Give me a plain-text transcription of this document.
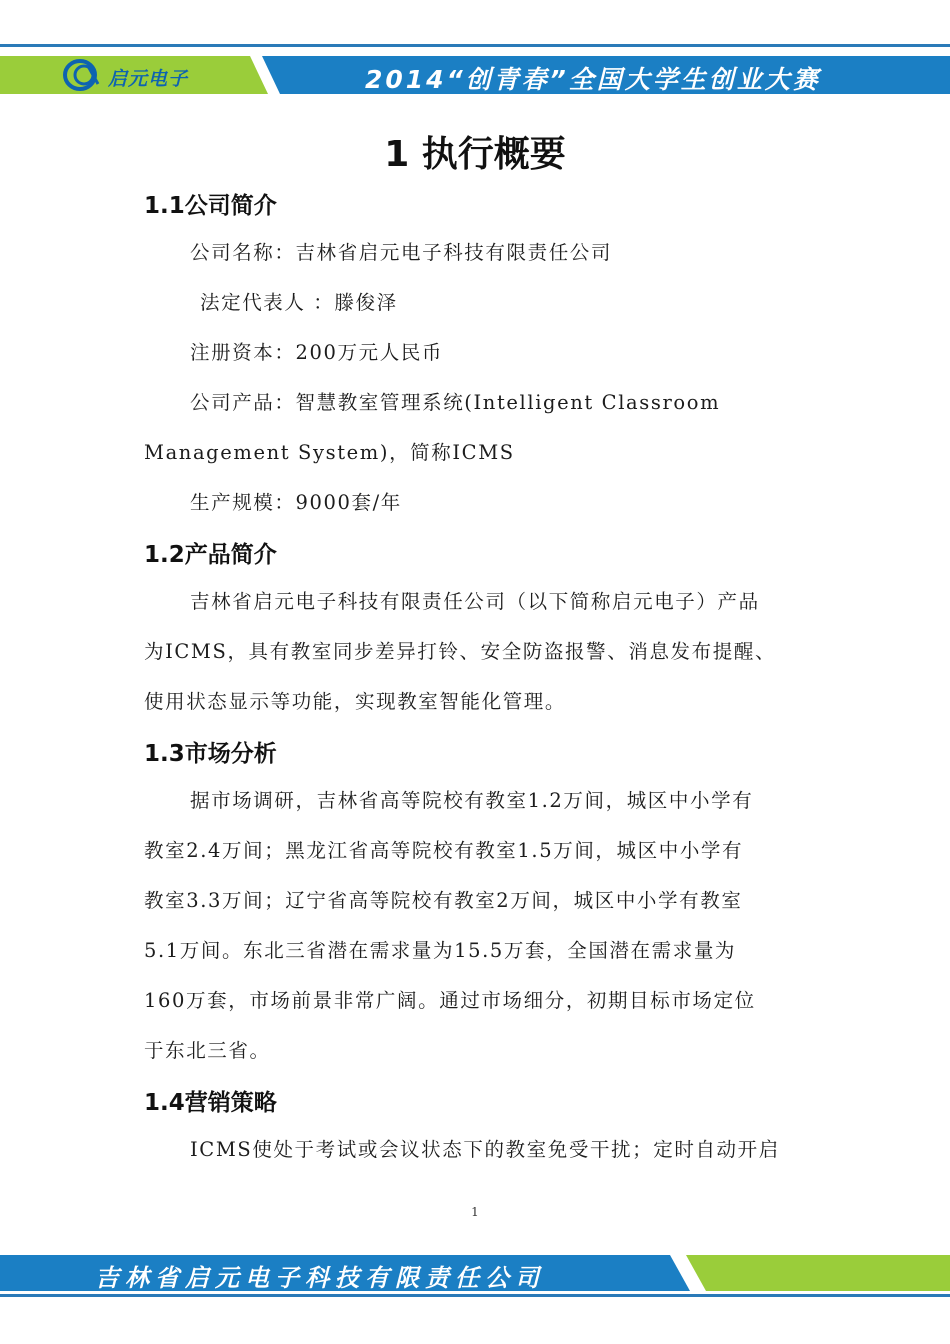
启元电子	2014“创青春”全国大学生创业大赛
1 执行概要
1.1公司简介
公司名称：吉林省启元电子科技有限责任公司
法定代表人 ：滕俊泽
注册资本：200万元人民币
公司产品：智慧教室管理系统(Intelligent Classroom
Management System)，简称ICMS
生产规模：9000套/年
1.2产品简介
吉林省启元电子科技有限责任公司（以下简称启元电子）产品
为ICMS，具有教室同步差异打铃、安全防盗报警、消息发布提醒、
使用状态显示等功能，实现教室智能化管理。
1.3市场分析
据市场调研，吉林省高等院校有教室1.2万间，城区中小学有
教室2.4万间；黑龙江省高等院校有教室1.5万间，城区中小学有
教室3.3万间；辽宁省高等院校有教室2万间，城区中小学有教室
5.1万间。东北三省潜在需求量为15.5万套，全国潜在需求量为
160万套，市场前景非常广阔。通过市场细分，初期目标市场定位
于东北三省。
1.4营销策略
ICMS使处于考试或会议状态下的教室免受干扰；定时自动开启
1
吉林省启元电子科技有限责任公司
